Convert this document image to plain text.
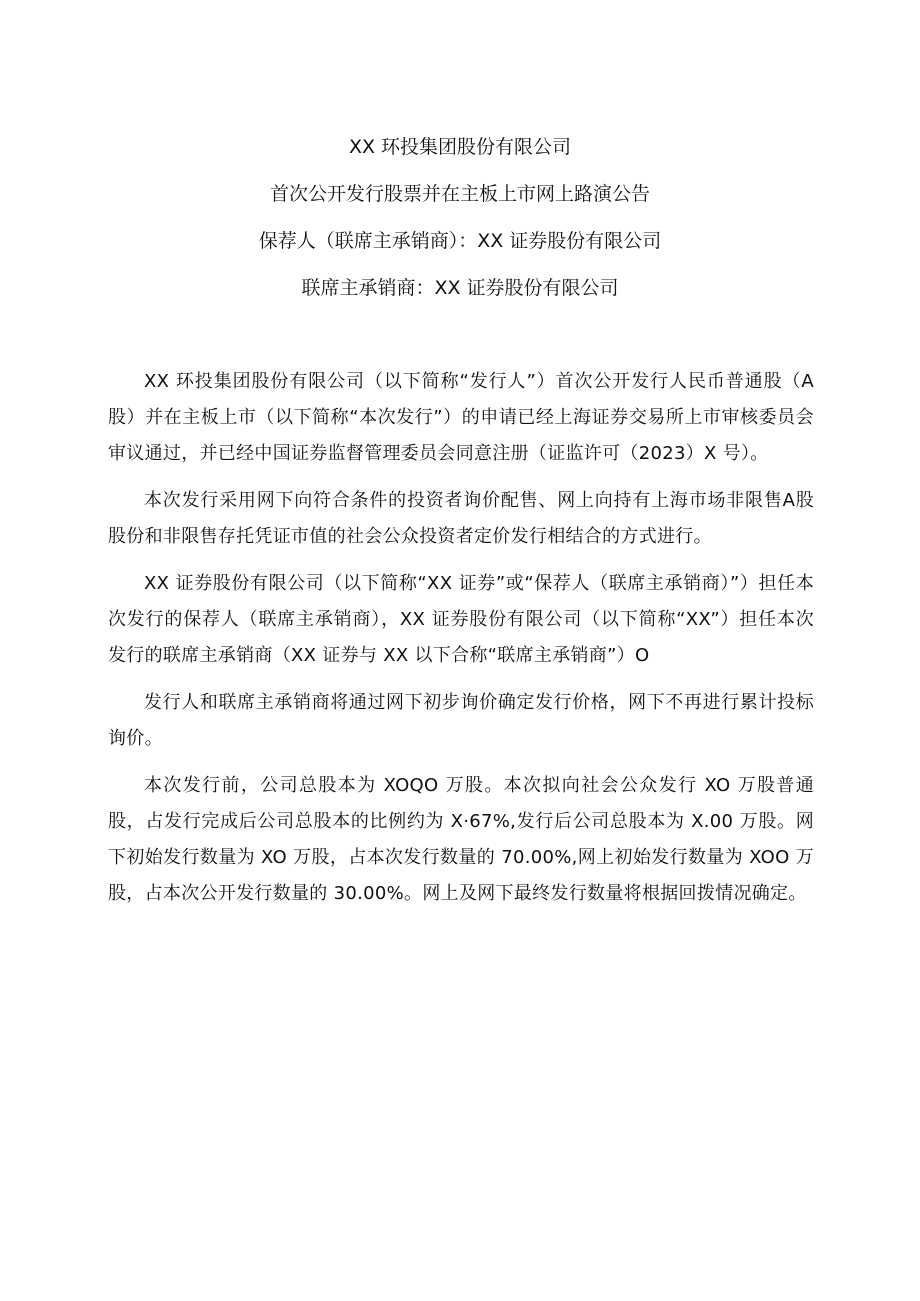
XX 环投集团股份有限公司
首次公开发行股票并在主板上市网上路演公告
保荐人（联席主承销商）：XX 证券股份有限公司
联席主承销商：XX 证券股份有限公司

XX 环投集团股份有限公司（以下简称“发行人”）首次公开发行人民币普通股（A 股）并在主板上市（以下简称“本次发行”）的申请已经上海证券交易所上市审核委员会审议通过，并已经中国证券监督管理委员会同意注册（证监许可（2023）X 号）。

本次发行采用网下向符合条件的投资者询价配售、网上向持有上海市场非限售A股股份和非限售存托凭证市值的社会公众投资者定价发行相结合的方式进行。

XX 证券股份有限公司（以下简称“XX 证券”或“保荐人（联席主承销商）”）担任本次发行的保荐人（联席主承销商），XX 证券股份有限公司（以下简称“XX”）担任本次发行的联席主承销商（XX 证券与 XX 以下合称“联席主承销商”）O

发行人和联席主承销商将通过网下初步询价确定发行价格，网下不再进行累计投标询价。

本次发行前，公司总股本为 XOQO 万股。本次拟向社会公众发行 XO 万股普通股，占发行完成后公司总股本的比例约为 X·67%,发行后公司总股本为 X.00 万股。网下初始发行数量为 XO 万股，占本次发行数量的 70.00%,网上初始发行数量为 XOO 万股，占本次公开发行数量的 30.00%。网上及网下最终发行数量将根据回拨情况确定。
